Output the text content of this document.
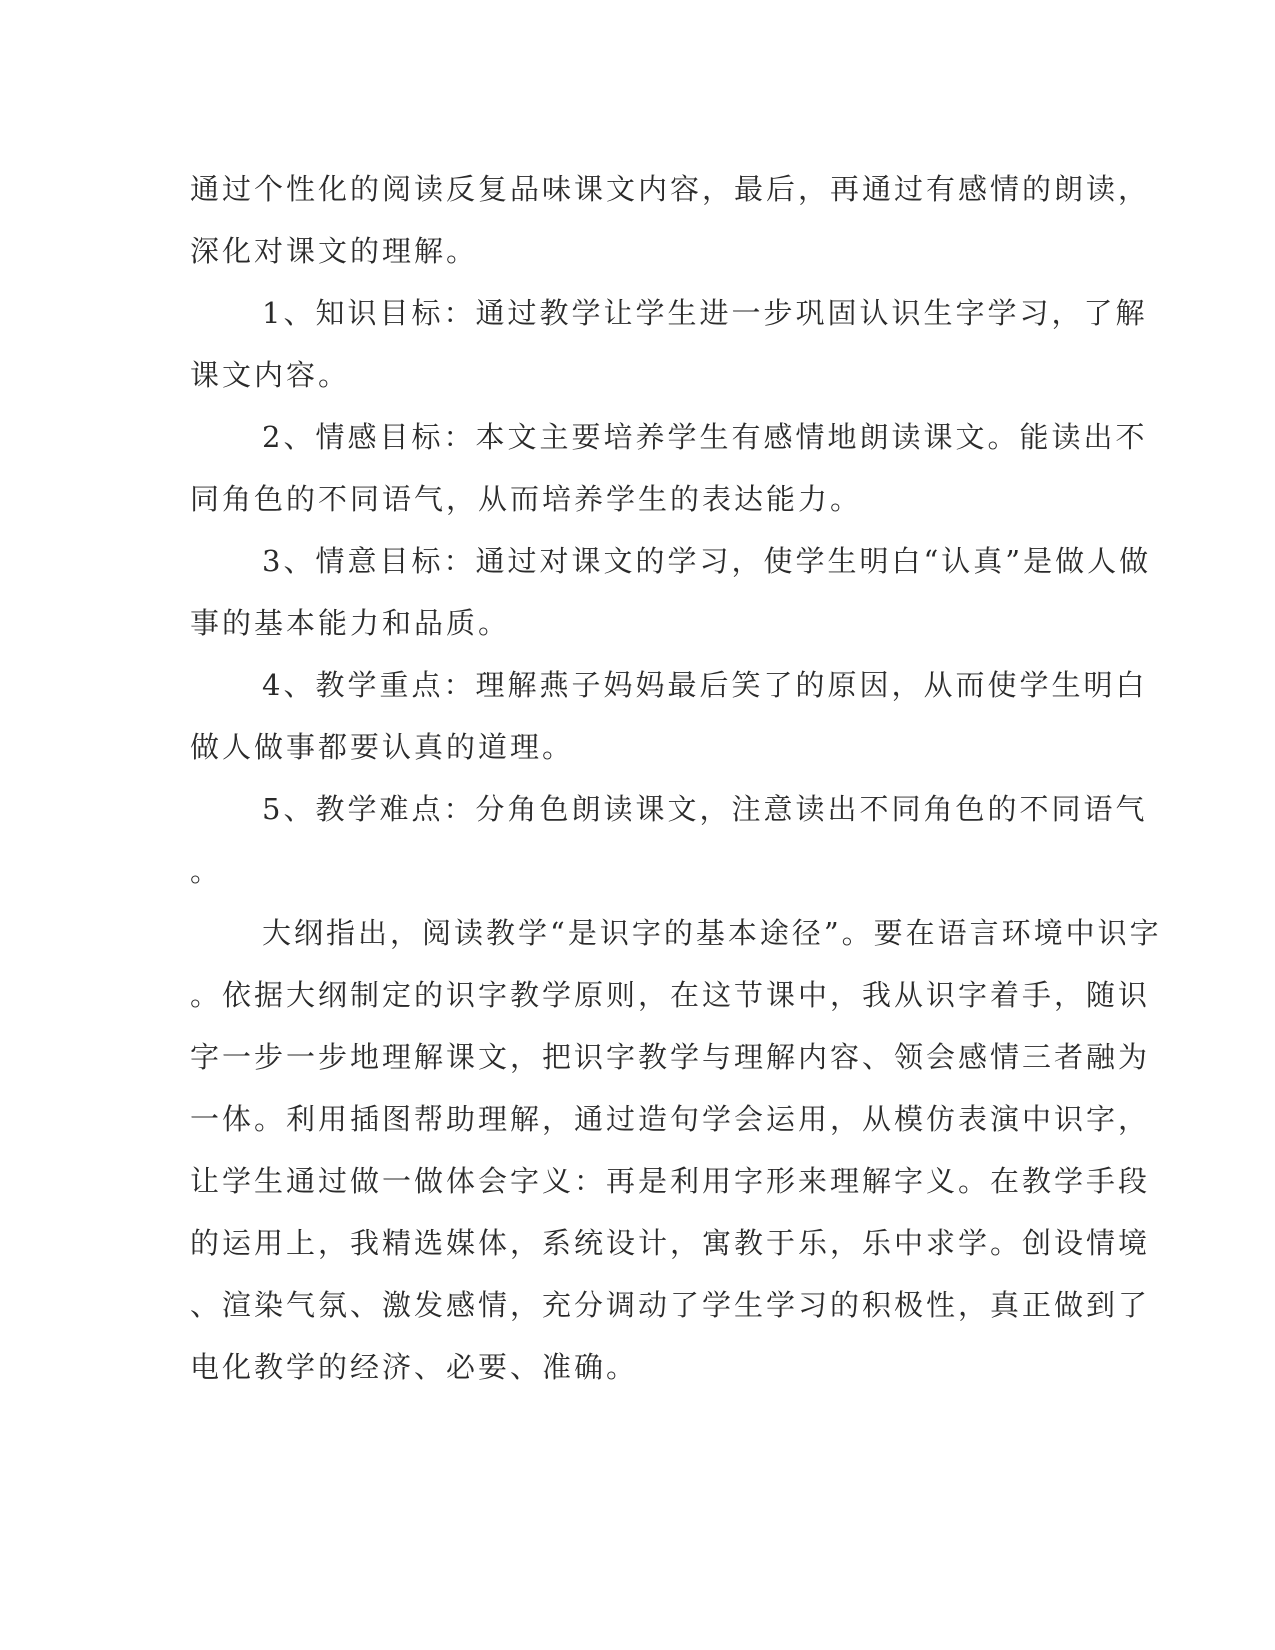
通过个性化的阅读反复品味课文内容，最后，再通过有感情的朗读，
深化对课文的理解。
1、知识目标：通过教学让学生进一步巩固认识生字学习，了解
课文内容。
2、情感目标：本文主要培养学生有感情地朗读课文。能读出不
同角色的不同语气，从而培养学生的表达能力。
3、情意目标：通过对课文的学习，使学生明白“认真”是做人做
事的基本能力和品质。
4、教学重点：理解燕子妈妈最后笑了的原因，从而使学生明白
做人做事都要认真的道理。
5、教学难点：分角色朗读课文，注意读出不同角色的不同语气
。
大纲指出，阅读教学“是识字的基本途径”。要在语言环境中识字
。依据大纲制定的识字教学原则，在这节课中，我从识字着手，随识
字一步一步地理解课文，把识字教学与理解内容、领会感情三者融为
一体。利用插图帮助理解，通过造句学会运用，从模仿表演中识字，
让学生通过做一做体会字义：再是利用字形来理解字义。在教学手段
的运用上，我精选媒体，系统设计，寓教于乐，乐中求学。创设情境
、渲染气氛、激发感情，充分调动了学生学习的积极性，真正做到了
电化教学的经济、必要、准确。
